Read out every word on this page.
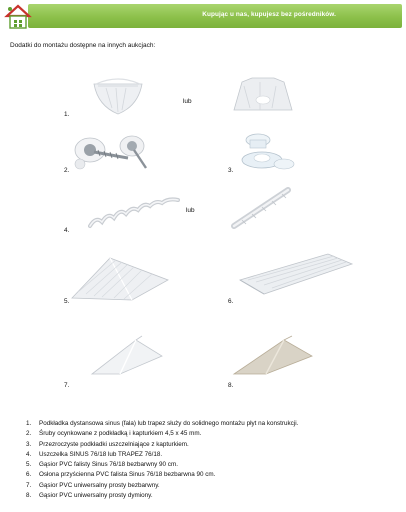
Kupując u nas, kupujesz bez pośredników.
Dodatki do montażu dostępne na innych aukcjach:
lub
1.
2.	3.
lub
4.
5.	6.
7.	8.
1. Podkładka dystansowa sinus (fala) lub trapez służy do solidnego montażu płyt na konstrukcji.
2. Śruby ocynkowane z podkładką i kapturkiem 4,5 x 45 mm.
3. Przezroczyste podkładki uszczelniające z kapturkiem.
4. Uszczelka SINUS 76/18 lub TRAPEZ 76/18.
5. Gąsior PVC falisty Sinus 76/18 bezbarwny 90 cm.
6. Osłona przyścienna PVC falista Sinus 76/18 bezbarwna 90 cm.
7. Gąsior PVC uniwersalny prosty bezbarwny.
8. Gąsior PVC uniwersalny prosty dymiony.
